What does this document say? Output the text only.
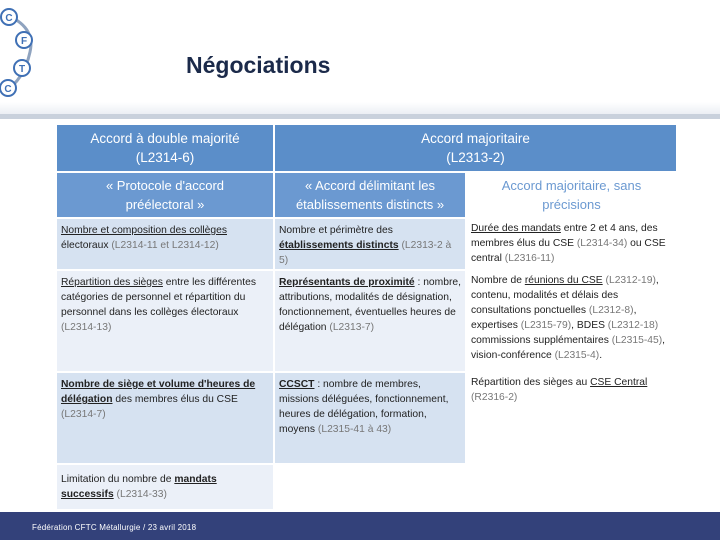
C
F
T
C
Négociations
Accord à double majorité
(L2314-6)
Accord majoritaire
(L2313-2)
« Protocole d'accord préélectoral »
« Accord délimitant les établissements distincts »
Accord majoritaire, sans précisions
Nombre et composition des collèges électoraux (L2314-11 et L2314-12)
Nombre et périmètre des établissements distincts (L2313-2 à 5)
Durée des mandats entre 2 et 4 ans, des membres élus du CSE (L2314-34) ou CSE central (L2316-11)
Répartition des sièges entre les différentes catégories de personnel et répartition du personnel dans les collèges électoraux (L2314-13)
Représentants de proximité : nombre, attributions, modalités de désignation, fonctionnement, éventuelles heures de délégation (L2313-7)
Nombre de réunions du CSE (L2312-19), contenu, modalités et délais des consultations ponctuelles (L2312-8), expertises (L2315-79), BDES (L2312-18) commissions supplémentaires (L2315-45), vision-conférence (L2315-4).
Nombre de siège et volume d'heures de délégation des membres élus du CSE (L2314-7)
CCSCT : nombre de membres, missions déléguées, fonctionnement, heures de délégation, formation, moyens (L2315-41 à 43)
Répartition des sièges au CSE Central (R2316-2)
Limitation du nombre de mandats successifs (L2314-33)
Fédération CFTC Métallurgie / 23 avril 2018
